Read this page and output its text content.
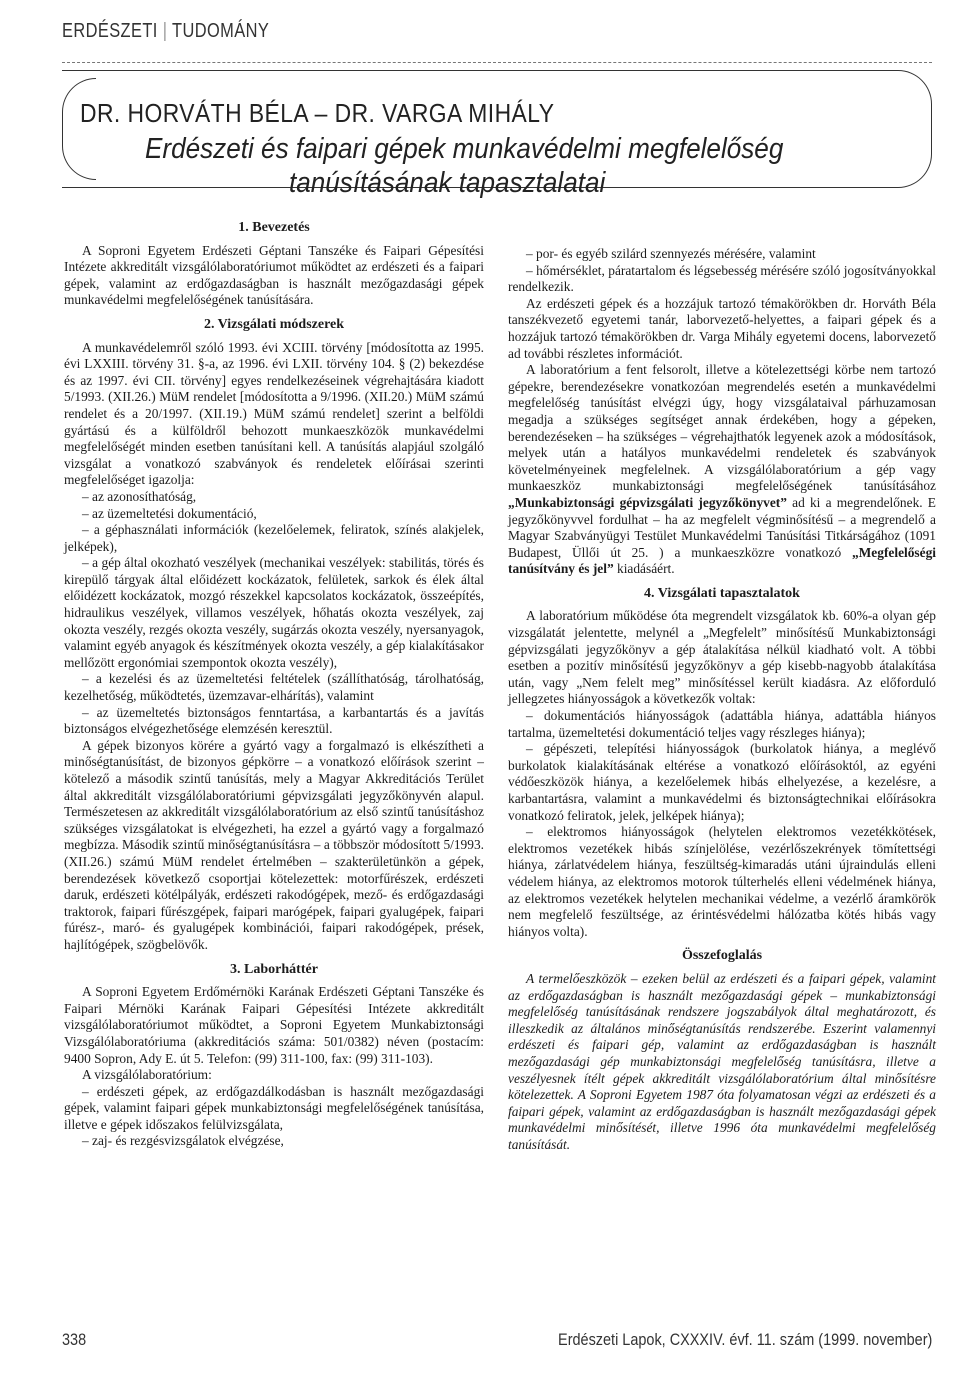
ERDÉSZETI | TUDOMÁNY
DR. HORVÁTH BÉLA – DR. VARGA MIHÁLY
Erdészeti és faipari gépek munkavédelmi megfelelőség
tanúsításának tapasztalatai
1. Bevezetés

A Soproni Egyetem Erdészeti Géptani Tanszéke és Faipari Gépesítési Intézete akkreditált vizsgálólaboratóriumot működtet az erdészeti és a faipari gépek, valamint az erdőgazdaságban is használt mezőgazdasági gépek munkavédelmi megfelelőségének tanúsítására.

2. Vizsgálati módszerek

A munkavédelemről szóló 1993. évi XCIII. törvény [módosította az 1995. évi LXXIII. törvény 31. §-a, az 1996. évi LXII. törvény 104. § (2) bekezdése és az 1997. évi CII. törvény] egyes rendelkezéseinek végrehajtására kiadott 5/1993. (XII.26.) MüM rendelet [módosította a 9/1996. (XII.20.) MüM számú rendelet és a 20/1997. (XII.19.) MüM számú rendelet] szerint a belföldi gyártású és a külföldről behozott munkaeszközök munkavédelmi megfelelőségét minden esetben tanúsítani kell. A tanúsítás alapjául szolgáló vizsgálat a vonatkozó szabványok és rendeletek előírásai szerinti megfelelőséget igazolja:

– az azonosíthatóság,

– az üzemeltetési dokumentáció,

– a géphasználati információk (kezelőelemek, feliratok, színés alakjelek, jelképek),

– a gép által okozható veszélyek (mechanikai veszélyek: stabilitás, törés és kirepülő tárgyak által előidézett kockázatok, felületek, sarkok és élek által előidézett kockázatok, mozgó részekkel kapcsolatos kockázatok, összeépítés, hidraulikus veszélyek, villamos veszélyek, hőhatás okozta veszélyek, zaj okozta veszély, rezgés okozta veszély, sugárzás okozta veszély, nyersanyagok, valamint egyéb anyagok és készítmények okozta veszély, a gép kialakításakor mellőzött ergonómiai szempontok okozta veszély),

– a kezelési és az üzemeltetési feltételek (szállíthatóság, tárolhatóság, kezelhetőség, működtetés, üzemzavar-elhárítás), valamint

– az üzemeltetés biztonságos fenntartása, a karbantartás és a javítás biztonságos elvégezhetősége elemzésén keresztül.

A gépek bizonyos körére a gyártó vagy a forgalmazó is elkészítheti a minőségtanúsítást, de bizonyos gépkörre – a vonatkozó előírások szerint – kötelező a második szintű tanúsítás, mely a Magyar Akkreditációs Terület által akkreditált vizsgálólaboratóriumi gépvizsgálati jegyzőkönyvén alapul. Természetesen az akkreditált vizsgálólaboratórium az első szintű tanúsításhoz szükséges vizsgálatokat is elvégezheti, ha ezzel a gyártó vagy a forgalmazó megbízza. Második szintű minőségtanúsításra – a többször módosított 5/1993. (XII.26.) számú MüM rendelet értelmében – szakterületünkön a gépek, berendezések következő csoportjai kötelezettek: motorfűrészek, erdészeti daruk, erdészeti kötélpályák, erdészeti rakodógépek, mező- és erdőgazdasági traktorok, faipari fűrészgépek, faipari marógépek, faipari gyalugépek, faipari fúrész-, maró- és gyalugépek kombinációi, faipari rakodógépek, prések, hajlítógépek, szögbelövők.

3. Laborháttér

A Soproni Egyetem Erdőmérnöki Karának Erdészeti Géptani Tanszéke és Faipari Mérnöki Karának Faipari Gépesítési Intézete akkreditált vizsgálólaboratóriumot működtet, a Soproni Egyetem Munkabiztonsági Vizsgálólaboratóriuma (akkreditációs száma: 501/0382) néven (postacím: 9400 Sopron, Ady E. út 5. Telefon: (99) 311-100, fax: (99) 311-103).

A vizsgálólaboratórium:

– erdészeti gépek, az erdőgazdálkodásban is használt mezőgazdasági gépek, valamint faipari gépek munkabiztonsági megfelelőségének tanúsítása, illetve e gépek időszakos felülvizsgálata,

– zaj- és rezgésvizsgálatok elvégzése,

– por- és egyéb szilárd szennyezés mérésére, valamint

– hőmérséklet, páratartalom és légsebesség mérésére szóló jogosítványokkal rendelkezik.

Az erdészeti gépek és a hozzájuk tartozó témakörökben dr. Horváth Béla tanszékvezető egyetemi tanár, laborvezető-helyettes, a faipari gépek és a hozzájuk tartozó témakörökben dr. Varga Mihály egyetemi docens, laborvezető ad további részletes információt.

A laboratórium a fent felsorolt, illetve a kötelezettségi körbe nem tartozó gépekre, berendezésekre vonatkozóan megrendelés esetén a munkavédelmi megfelelőség tanúsítást elvégzi úgy, hogy vizsgálataival párhuzamosan megadja a szükséges segítséget annak érdekében, hogy a gépeken, berendezéseken – ha szükséges – végrehajthatók legyenek azok a módosítások, melyek után a hatályos munkavédelmi rendeletek és szabványok követelményeinek megfelelnek. A vizsgálólaboratórium a gép vagy munkaeszköz munkabiztonsági megfelelőségének tanúsításához „Munkabiztonsági gépvizsgálati jegyzőkönyvet” ad ki a megrendelőnek. E jegyzőkönyvvel fordulhat – ha az megfelelt végminősítésű – a megrendelő a Magyar Szabványügyi Testület Munkavédelmi Tanúsítási Titkárságához (1091 Budapest, Üllői út 25. ) a munkaeszközre vonatkozó „Megfelelőségi tanúsítvány és jel” kiadásáért.

4. Vizsgálati tapasztalatok

A laboratórium működése óta megrendelt vizsgálatok kb. 60%-a olyan gép vizsgálatát jelentette, melynél a „Megfelelt” minősítésű Munkabiztonsági gépvizsgálati jegyzőkönyv a gép átalakítása nélkül kiadható volt. A többi esetben a pozitív minősítésű jegyzőkönyv a gép kisebb-nagyobb átalakítása után, vagy „Nem felelt meg” minősítéssel került kiadásra. Az előforduló jellegzetes hiányosságok a következők voltak:

– dokumentációs hiányosságok (adattábla hiánya, adattábla hiányos tartalma, üzemeltetési dokumentáció teljes vagy részleges hiánya);

– gépészeti, telepítési hiányosságok (burkolatok hiánya, a meglévő burkolatok kialakításának eltérése a vonatkozó előírásoktól, az egyéni védőeszközök hiánya, a kezelőelemek hibás elhelyezése, a kezelésre, a karbantartásra, valamint a munkavédelmi és biztonságtechnikai előírásokra vonatkozó feliratok, jelek, jelképek hiánya);

– elektromos hiányosságok (helytelen elektromos vezetékkötések, elektromos vezetékek hibás színjelölése, vezérlőszekrények tömítettségi hiánya, zárlatvédelem hiánya, feszültség-kimaradás utáni újraindulás elleni védelem hiánya, az elektromos motorok túlterhelés elleni védelmének hiánya, az elektromos vezetékek helytelen mechanikai védelme, a vezérlő áramkörök nem megfelelő feszültsége, az érintésvédelmi hálózatba kötés hibás vagy hiányos volta).

Összefoglalás

A termelőeszközök – ezeken belül az erdészeti és a faipari gépek, valamint az erdőgazdaságban is használt mezőgazdasági gépek – munkabiztonsági megfelelőség tanúsításának rendszere jogszabályok által meghatározott, és illeszkedik az általános minőségtanúsítás rendszerébe. Eszerint valamennyi erdészeti és faipari gép, valamint az erdőgazdaságban is használt mezőgazdasági gép munkabiztonsági megfelelőség tanúsításra, illetve a veszélyesnek ítélt gépek akkreditált vizsgálólaboratórium által minősítésre kötelezettek. A Soproni Egyetem 1987 óta folyamatosan végzi az erdészeti és a faipari gépek, valamint az erdőgazdaságban is használt mezőgazdasági gépek munkavédelmi minősítését, illetve 1996 óta munkavédelmi megfelelőség tanúsítását.

338	Erdészeti Lapok, CXXXIV. évf. 11. szám (1999. november)
